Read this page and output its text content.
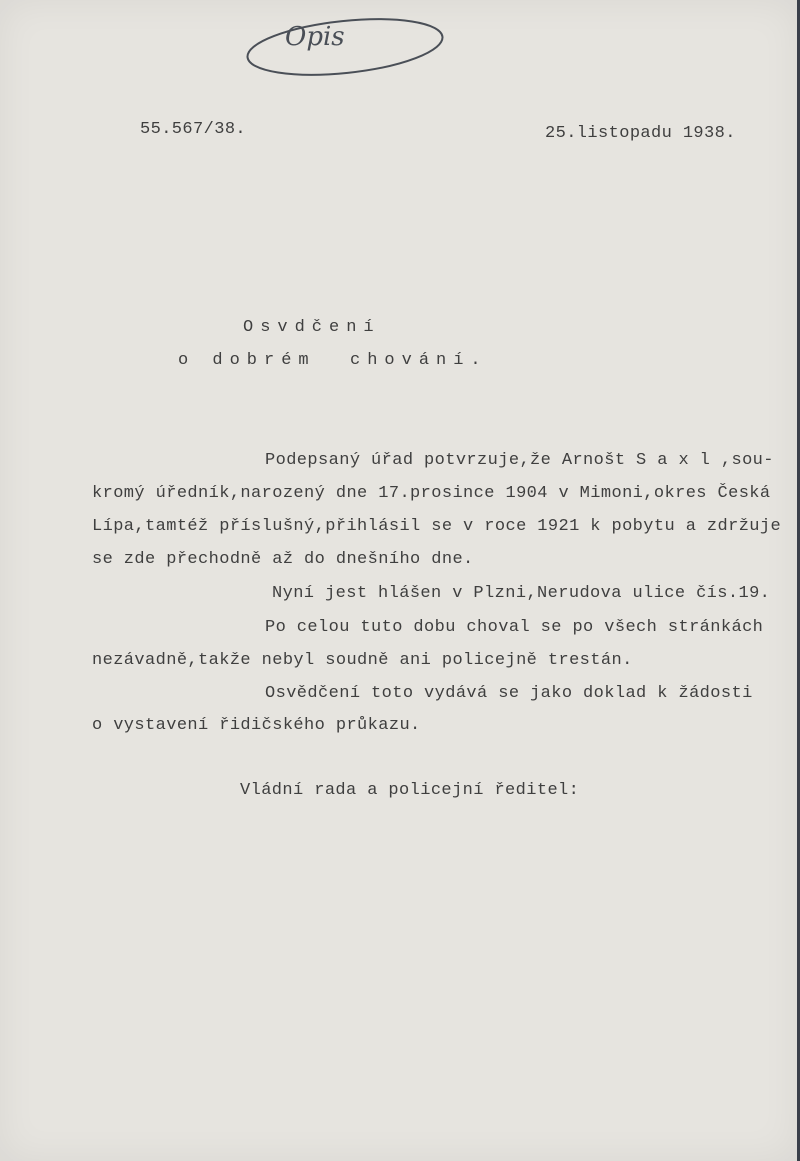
Opis
55.567/38.	25.listopadu 1938.
Osvdčení
o dobrém  chování.
Podepsaný úřad potvrzuje,že Arnošt S a x l ,sou-
kromý úředník,narozený dne 17.prosince 1904 v Mimoni,okres Česká
Lípa,tamtéž příslušný,přihlásil se v roce 1921 k pobytu a zdržuje
se zde přechodně až do dnešního dne.
Nyní jest hlášen v Plzni,Nerudova ulice čís.19.
Po celou tuto dobu choval se po všech stránkách
nezávadně,takže nebyl soudně ani policejně trestán.
Osvědčení toto vydává se jako doklad k žádosti
o vystavení řidičského průkazu.
Vládní rada a policejní ředitel:
